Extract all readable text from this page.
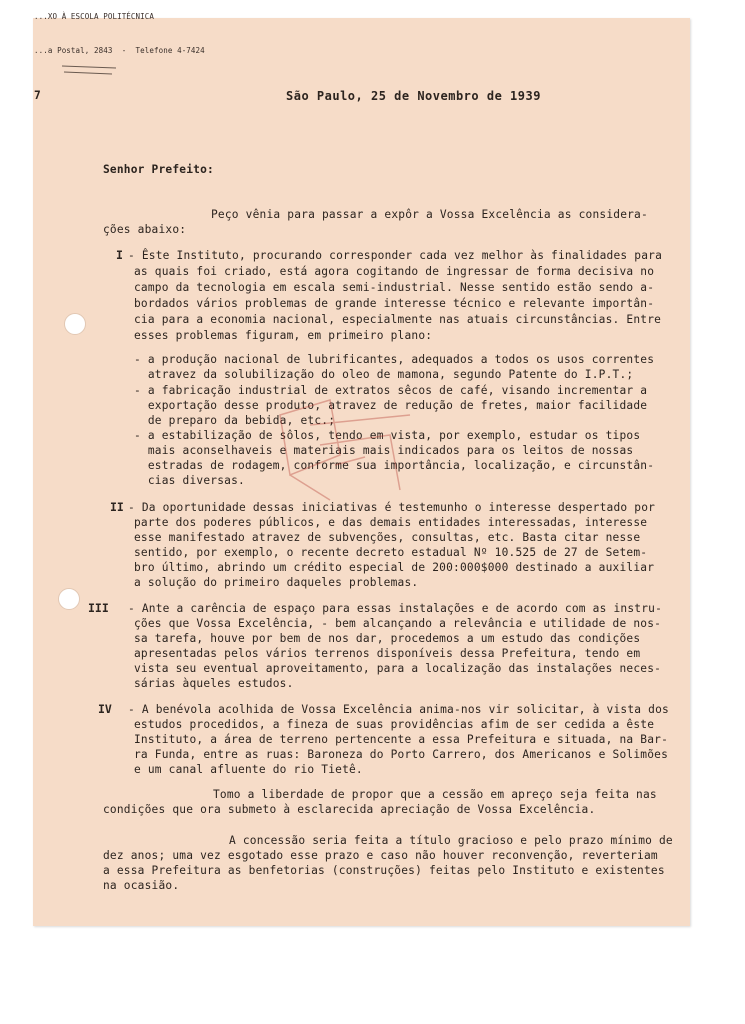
...XO À ESCOLA POLITÉCNICA
...a Postal, 2843  -  Telefone 4-7424
7	São Paulo, 25 de Novembro de 1939
Senhor Prefeito:
Peço vênia para passar a expôr a Vossa Excelência as considera-
ções abaixo:
I - Êste Instituto, procurando corresponder cada vez melhor às finalidades para
as quais foi criado, está agora cogitando de ingressar de forma decisiva no
campo da tecnologia em escala semi-industrial. Nesse sentido estão sendo a-
bordados vários problemas de grande interesse técnico e relevante importân-
cia para a economia nacional, especialmente nas atuais circunstâncias. Entre
esses problemas figuram, em primeiro plano:
- a produção nacional de lubrificantes, adequados a todos os usos correntes
atravez da solubilização do oleo de mamona, segundo Patente do I.P.T.;
- a fabricação industrial de extratos sêcos de café, visando incrementar a
exportação desse produto, atravez de redução de fretes, maior facilidade
de preparo da bebida, etc.;
- a estabilização de sôlos, tendo em vista, por exemplo, estudar os tipos
mais aconselhaveis e materiais mais indicados para os leitos de nossas
estradas de rodagem, conforme sua importância, localização, e circunstân-
cias diversas.
II - Da oportunidade dessas iniciativas é testemunho o interesse despertado por
parte dos poderes públicos, e das demais entidades interessadas, interesse
esse manifestado atravez de subvenções, consultas, etc. Basta citar nesse
sentido, por exemplo, o recente decreto estadual Nº 10.525 de 27 de Setem-
bro último, abrindo um crédito especial de 200:000$000 destinado a auxiliar
a solução do primeiro daqueles problemas.
III - Ante a carência de espaço para essas instalações e de acordo com as instru-
ções que Vossa Excelência, - bem alcançando a relevância e utilidade de nos-
sa tarefa, houve por bem de nos dar, procedemos a um estudo das condições
apresentadas pelos vários terrenos disponíveis dessa Prefeitura, tendo em
vista seu eventual aproveitamento, para a localização das instalações neces-
sárias àqueles estudos.
IV - A benévola acolhida de Vossa Excelência anima-nos vir solicitar, à vista dos
estudos procedidos, a fineza de suas providências afim de ser cedida a êste
Instituto, a área de terreno pertencente a essa Prefeitura e situada, na Bar-
ra Funda, entre as ruas: Baroneza do Porto Carrero, dos Americanos e Solimões
e um canal afluente do rio Tietê.
Tomo a liberdade de propor que a cessão em apreço seja feita nas
condições que ora submeto à esclarecida apreciação de Vossa Excelência.
A concessão seria feita a título gracioso e pelo prazo mínimo de
dez anos; uma vez esgotado esse prazo e caso não houver reconvenção, reverteriam
a essa Prefeitura as benfetorias (construções) feitas pelo Instituto e existentes
na ocasião.
